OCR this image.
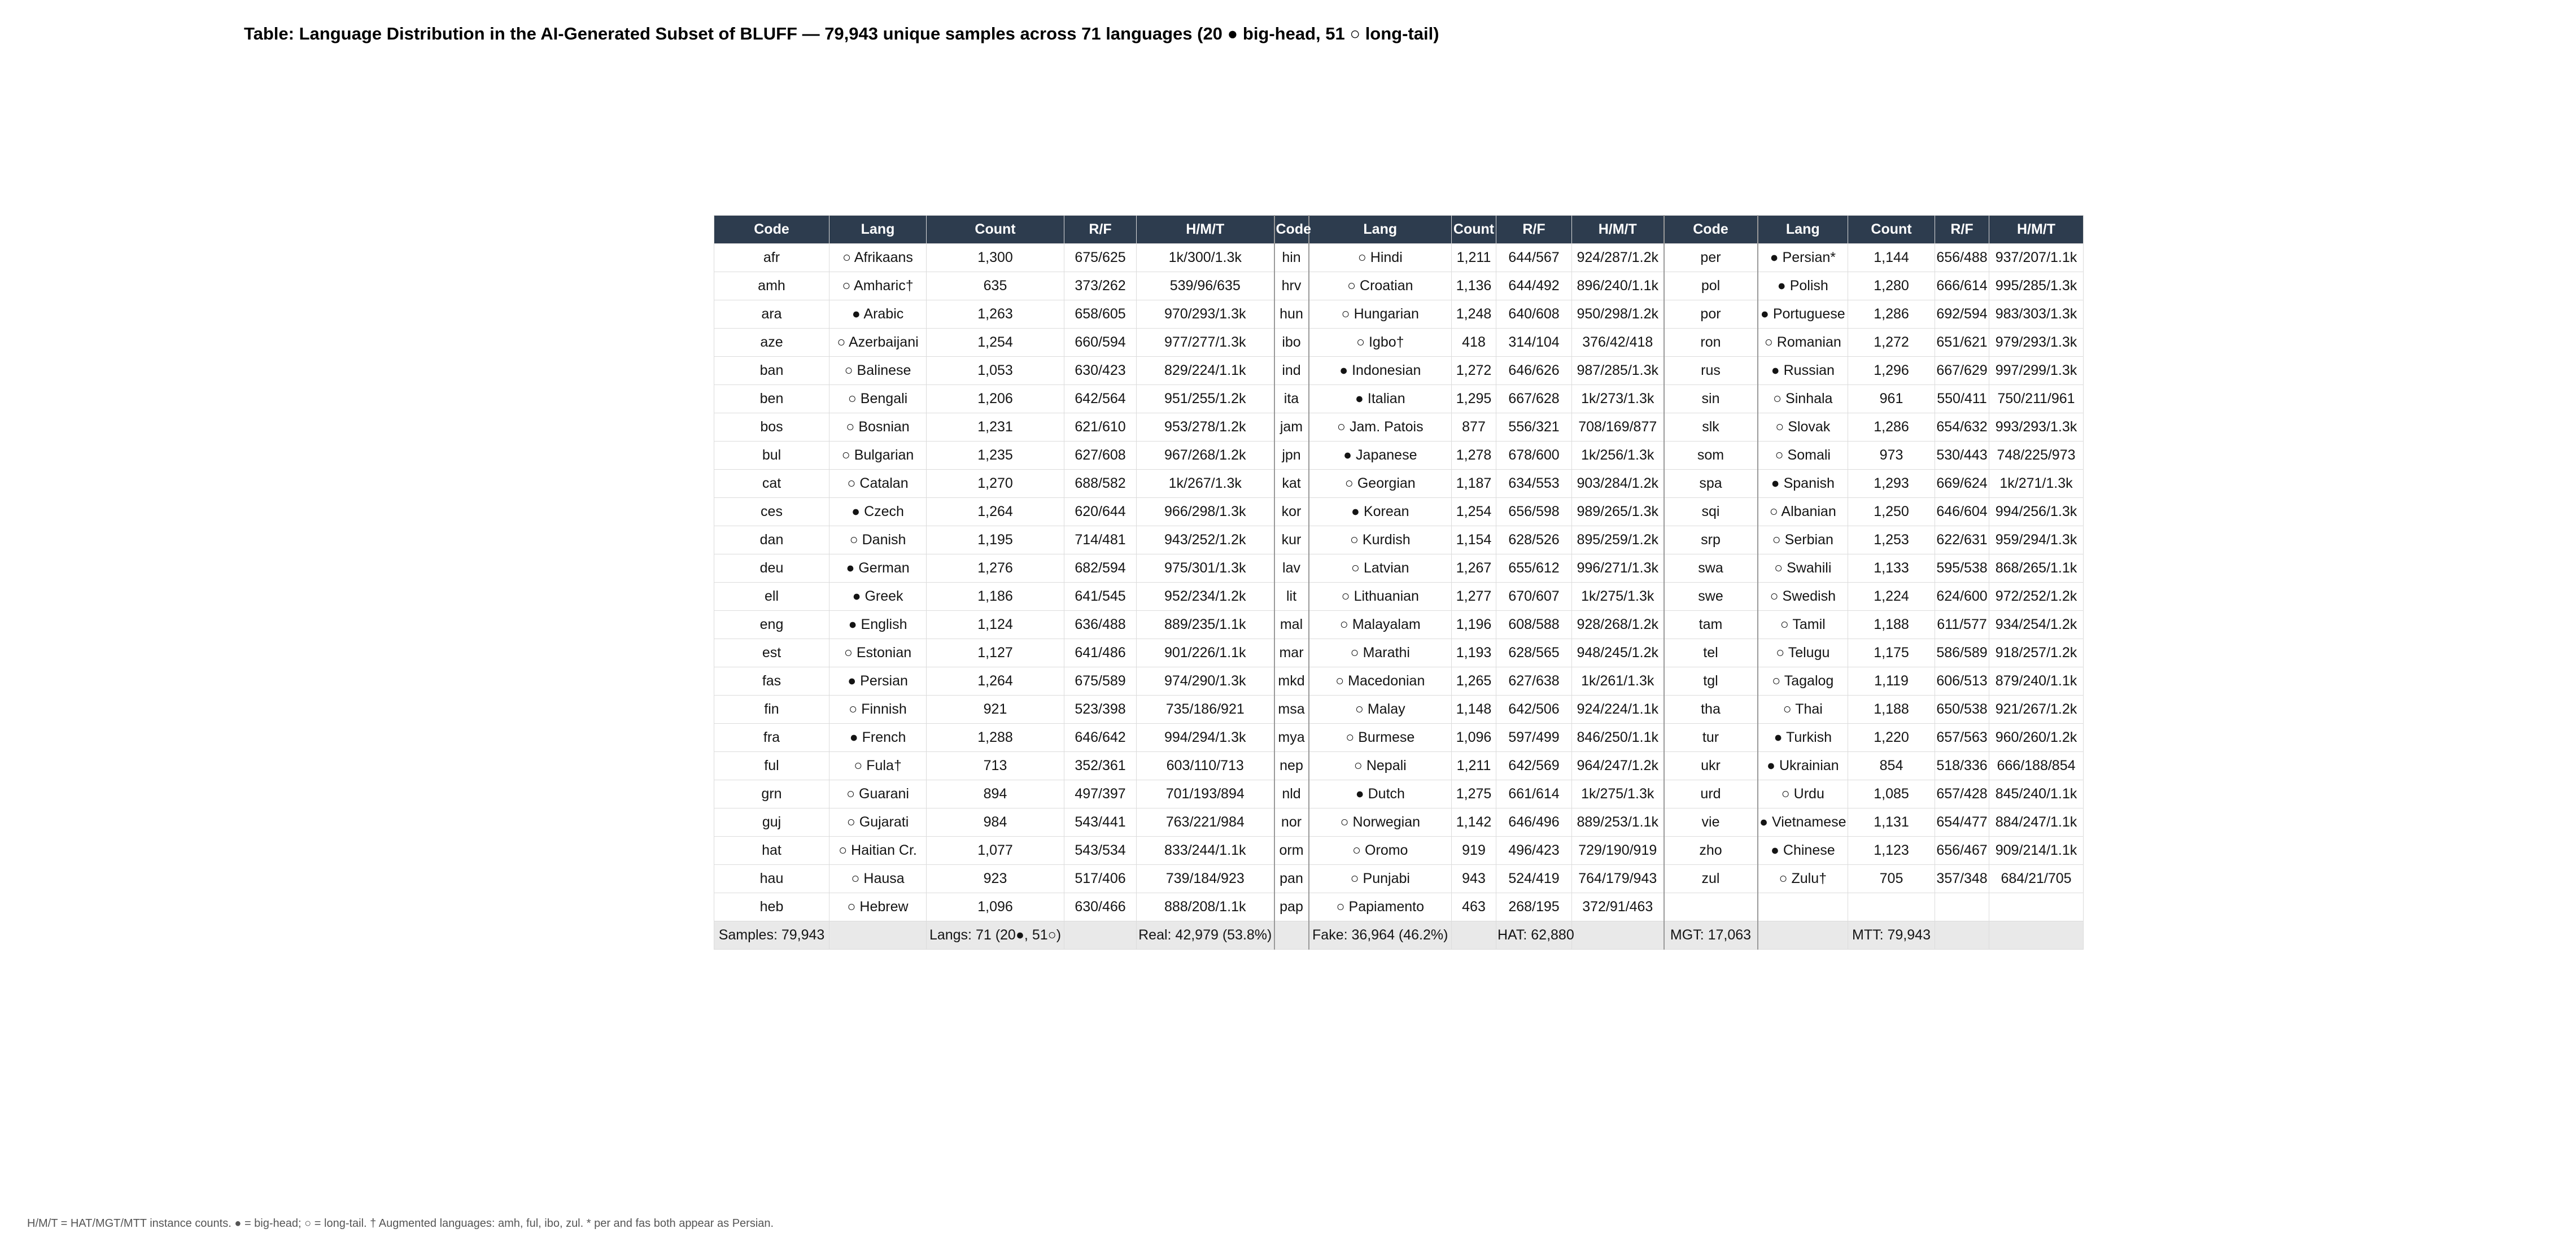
Table: Language Distribution in the AI-Generated Subset of BLUFF — 79,943 unique samples across 71 languages (20 ● big-head, 51 ○ long-tail)
Code	Lang	Count	R/F	H/M/T	Code	Lang	Count	R/F	H/M/T	Code	Lang	Count	R/F	H/M/T
afr	○ Afrikaans	1,300	675/625	1k/300/1.3k	hin	○ Hindi	1,211	644/567	924/287/1.2k	per	● Persian*	1,144	656/488	937/207/1.1k
amh	○ Amharic†	635	373/262	539/96/635	hrv	○ Croatian	1,136	644/492	896/240/1.1k	pol	● Polish	1,280	666/614	995/285/1.3k
ara	● Arabic	1,263	658/605	970/293/1.3k	hun	○ Hungarian	1,248	640/608	950/298/1.2k	por	● Portuguese	1,286	692/594	983/303/1.3k
aze	○ Azerbaijani	1,254	660/594	977/277/1.3k	ibo	○ Igbo†	418	314/104	376/42/418	ron	○ Romanian	1,272	651/621	979/293/1.3k
ban	○ Balinese	1,053	630/423	829/224/1.1k	ind	● Indonesian	1,272	646/626	987/285/1.3k	rus	● Russian	1,296	667/629	997/299/1.3k
ben	○ Bengali	1,206	642/564	951/255/1.2k	ita	● Italian	1,295	667/628	1k/273/1.3k	sin	○ Sinhala	961	550/411	750/211/961
bos	○ Bosnian	1,231	621/610	953/278/1.2k	jam	○ Jam. Patois	877	556/321	708/169/877	slk	○ Slovak	1,286	654/632	993/293/1.3k
bul	○ Bulgarian	1,235	627/608	967/268/1.2k	jpn	● Japanese	1,278	678/600	1k/256/1.3k	som	○ Somali	973	530/443	748/225/973
cat	○ Catalan	1,270	688/582	1k/267/1.3k	kat	○ Georgian	1,187	634/553	903/284/1.2k	spa	● Spanish	1,293	669/624	1k/271/1.3k
ces	● Czech	1,264	620/644	966/298/1.3k	kor	● Korean	1,254	656/598	989/265/1.3k	sqi	○ Albanian	1,250	646/604	994/256/1.3k
dan	○ Danish	1,195	714/481	943/252/1.2k	kur	○ Kurdish	1,154	628/526	895/259/1.2k	srp	○ Serbian	1,253	622/631	959/294/1.3k
deu	● German	1,276	682/594	975/301/1.3k	lav	○ Latvian	1,267	655/612	996/271/1.3k	swa	○ Swahili	1,133	595/538	868/265/1.1k
ell	● Greek	1,186	641/545	952/234/1.2k	lit	○ Lithuanian	1,277	670/607	1k/275/1.3k	swe	○ Swedish	1,224	624/600	972/252/1.2k
eng	● English	1,124	636/488	889/235/1.1k	mal	○ Malayalam	1,196	608/588	928/268/1.2k	tam	○ Tamil	1,188	611/577	934/254/1.2k
est	○ Estonian	1,127	641/486	901/226/1.1k	mar	○ Marathi	1,193	628/565	948/245/1.2k	tel	○ Telugu	1,175	586/589	918/257/1.2k
fas	● Persian	1,264	675/589	974/290/1.3k	mkd	○ Macedonian	1,265	627/638	1k/261/1.3k	tgl	○ Tagalog	1,119	606/513	879/240/1.1k
fin	○ Finnish	921	523/398	735/186/921	msa	○ Malay	1,148	642/506	924/224/1.1k	tha	○ Thai	1,188	650/538	921/267/1.2k
fra	● French	1,288	646/642	994/294/1.3k	mya	○ Burmese	1,096	597/499	846/250/1.1k	tur	● Turkish	1,220	657/563	960/260/1.2k
ful	○ Fula†	713	352/361	603/110/713	nep	○ Nepali	1,211	642/569	964/247/1.2k	ukr	● Ukrainian	854	518/336	666/188/854
grn	○ Guarani	894	497/397	701/193/894	nld	● Dutch	1,275	661/614	1k/275/1.3k	urd	○ Urdu	1,085	657/428	845/240/1.1k
guj	○ Gujarati	984	543/441	763/221/984	nor	○ Norwegian	1,142	646/496	889/253/1.1k	vie	● Vietnamese	1,131	654/477	884/247/1.1k
hat	○ Haitian Cr.	1,077	543/534	833/244/1.1k	orm	○ Oromo	919	496/423	729/190/919	zho	● Chinese	1,123	656/467	909/214/1.1k
hau	○ Hausa	923	517/406	739/184/923	pan	○ Punjabi	943	524/419	764/179/943	zul	○ Zulu†	705	357/348	684/21/705
heb	○ Hebrew	1,096	630/466	888/208/1.1k	pap	○ Papiamento	463	268/195	372/91/463					
Samples: 79,943		Langs: 71 (20●, 51○)		Real: 42,979 (53.8%)		Fake: 36,964 (46.2%)		HAT: 62,880		MGT: 17,063		MTT: 79,943		
H/M/T = HAT/MGT/MTT instance counts. ● = big-head; ○ = long-tail. † Augmented languages: amh, ful, ibo, zul. * per and fas both appear as Persian.
